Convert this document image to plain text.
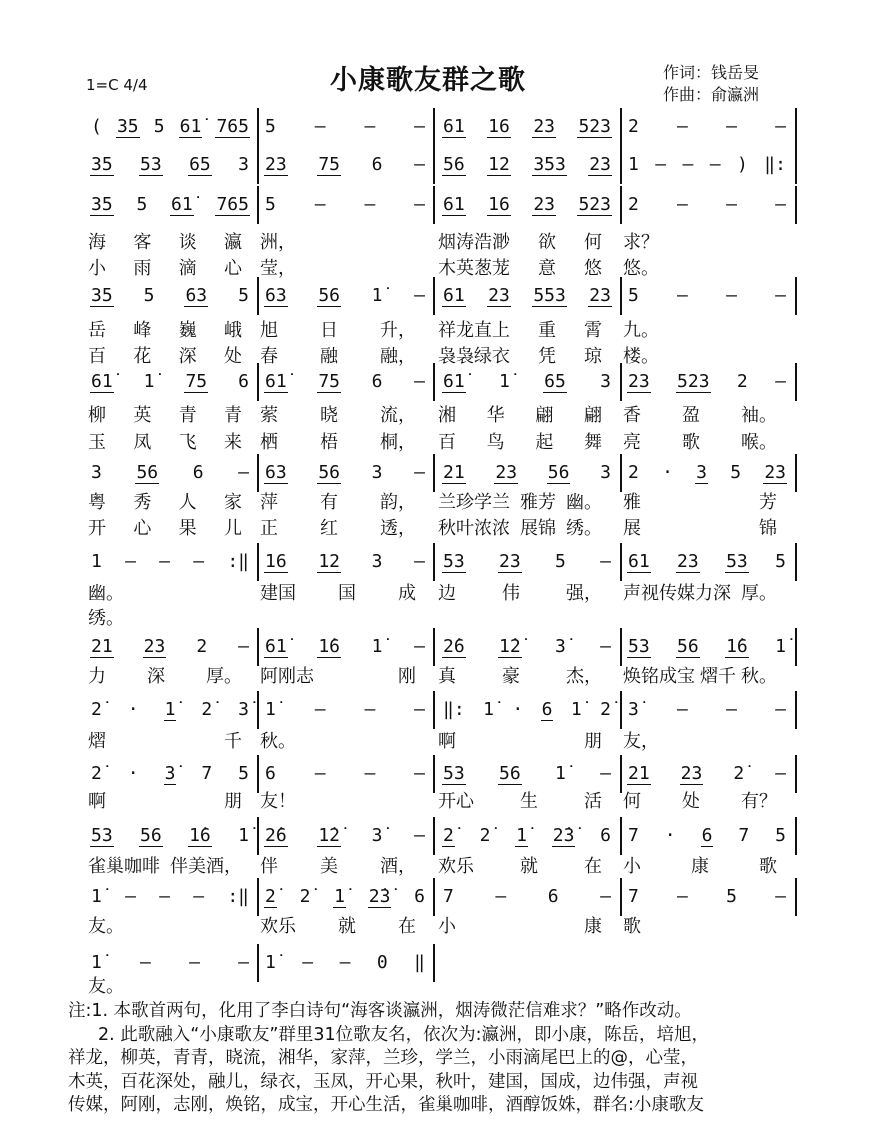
1=C 4/4	小康歌友群之歌	作词：钱岳旻
作曲：俞瀛洲
( 35 5 61̇ 765 5 — — — 61 16 23 523 2 — — —
35 53 65 3 23 75 6 — 56 12 353 23 1 — — — ) ‖:
35 5 61̇ 765 5 — — — 61 16 23 523 2 — — —
海 客 谈 瀛 洲，	烟涛浩渺 欲 何 求？
小 雨 滴 心 莹，	木英葱茏 意 悠 悠。
35 5 63 5 63 56 1̇ — 61 23 553 23 5 — — —
岳 峰 巍 峨 旭 日 升， 祥龙直上 重 霄 九。
百 花 深 处 春 融 融， 袅袅绿衣 凭 琼 楼。
61̇ 1̇ 75 6 61̇ 75 6 — 61̇ 1̇ 65 3 23 523 2 —
柳 英 青 青 萦 晓 流， 湘 华 翩 翩 香 盈 袖。
玉 凤 飞 来 栖 梧 桐， 百 鸟 起 舞 亮 歌 喉。
3 56 6 — 63 56 3 — 21 23 56 3 2 · 3 5 23
粤 秀 人 家 萍 有 韵， 兰珍学兰 雅芳 幽。 雅	芳
开 心 果 儿 正 红 透， 秋叶浓浓 展锦 绣。 展	锦
1 — — — :‖ 16 12 3 — 53 23 5 — 61 23 53 5
幽。	建国 国 成 边	伟	强， 声视传媒力深 厚。
绣。
21 23 2 — 61̇ 1̇6 1̇ — 2̇6 1̇2̇ 3̇ — 53 56 1̇6 1̇
力 深 厚。 阿刚志	刚 真	豪	杰， 焕铭成宝 熠千 秋。
2̇ · 1̇ 2̇ 3̇ 1̇ — — — ‖: 1̇ · 6 1̇ 2̇ 3̇ — — —
熠	千 秋。	啊	朋 友，
2̇ · 3̇ 7 5 6 — — — 53 56 1̇ — 21 23 2̇ —
啊	朋 友！	开心	生	活 何 处 有？
53 56 1̇6 1̇ 2̇6 1̇2̇ 3̇ — 2̇ 2̇ 1̇ 2̇3̇ 6 7 · 6 7 5
雀巢咖啡 伴美酒， 伴 美 酒， 欢乐	就	在 小	康	歌
1̇ — — — :‖ 2̇ 2̇ 1̇ 2̇3̇ 6 7 — 6 — 7 — 5 —
友。	欢乐 就 在 小	康 歌
1̇ — — — 1̇ — — 0 ‖
友。
注:1. 本歌首两句，化用了李白诗句“海客谈瀛洲，烟涛微茫信难求？”略作改动。
2. 此歌融入“小康歌友”群里31位歌友名，依次为:瀛洲，即小康，陈岳，培旭，
祥龙，柳英，青青，晓流，湘华，家萍，兰珍，学兰，小雨滴尾巴上的@，心莹，
木英，百花深处，融儿，绿衣，玉凤，开心果，秋叶，建国，国成，边伟强，声视
传媒，阿刚，志刚，焕铭，成宝，开心生活，雀巢咖啡，酒醇饭姝，群名:小康歌友
